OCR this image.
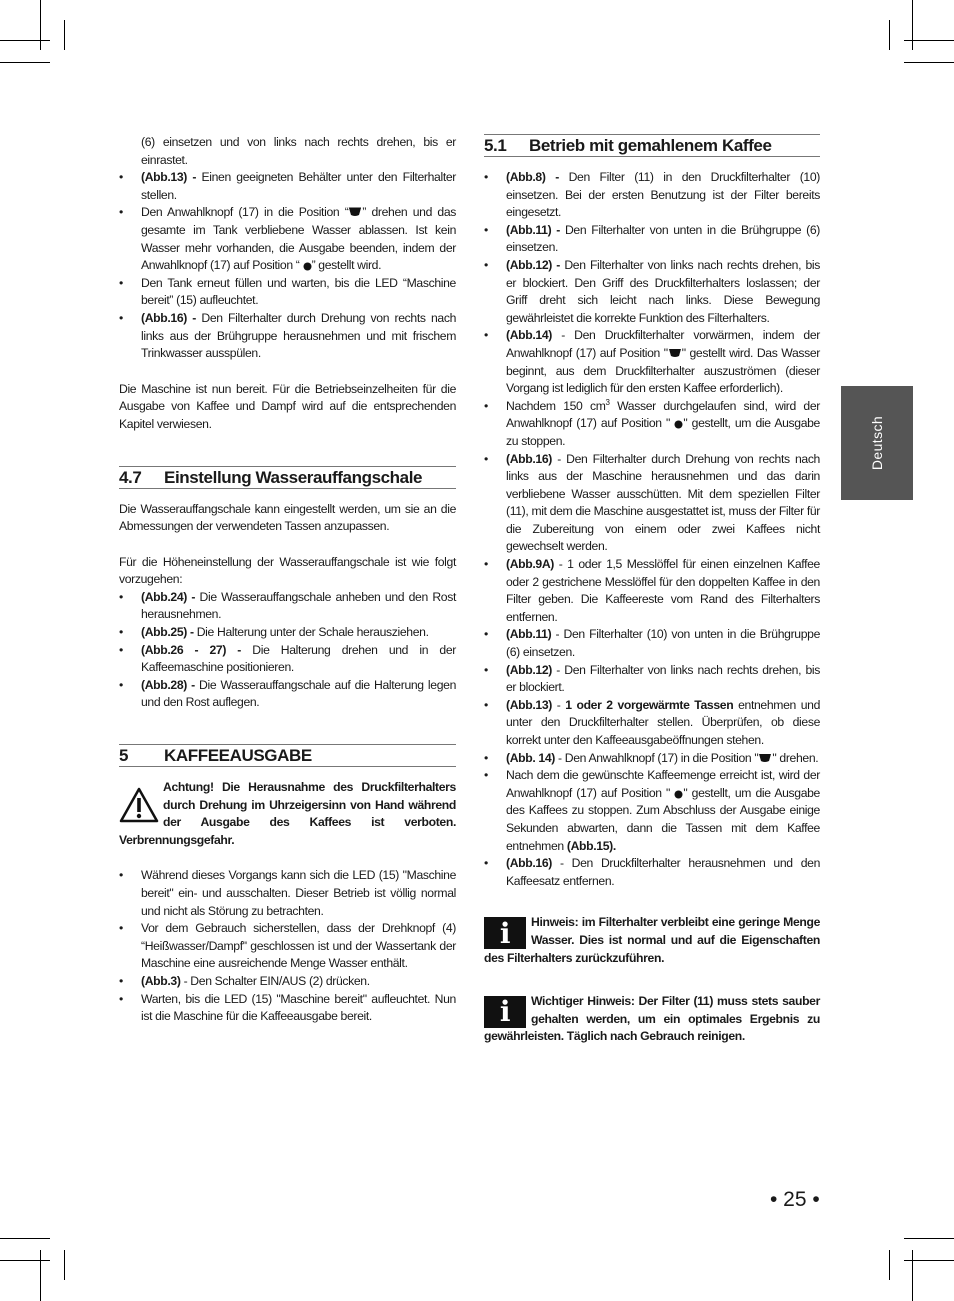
(6) einsetzen und von links nach rechts drehen, bis er einrastet.

• (Abb.13) - Einen geeigneten Behälter unter den Filterhalter stellen.
• Den Anwahlknopf (17) in die Position “ ” drehen und das gesamte im Tank verbliebene Wasser ablassen. Ist kein Wasser mehr vorhanden, die Ausgabe beenden, indem der Anwahlknopf (17) auf Position “ ” gestellt wird.
• Den Tank erneut füllen und warten, bis die LED “Maschine bereit” (15) aufleuchtet.
• (Abb.16) - Den Filterhalter durch Drehung von rechts nach links aus der Brühgruppe herausnehmen und mit frischem Trinkwasser ausspülen.

Die Maschine ist nun bereit. Für die Betriebseinzelheiten für die Ausgabe von Kaffee und Dampf wird auf die entsprechenden Kapitel verwiesen.

4.7	Einstellung Wasserauffangschale

Die Wasserauffangschale kann eingestellt werden, um sie an die Abmessungen der verwendeten Tassen anzupassen.

Für die Höheneinstellung der Wasserauffangschale ist wie folgt vorzugehen:

• (Abb.24) - Die Wasserauffangschale anheben und den Rost herausnehmen.
• (Abb.25) - Die Halterung unter der Schale herausziehen.
• (Abb.26 - 27) - Die Halterung drehen und in der Kaffeemaschine positionieren.
• (Abb.28) - Die Wasserauffangschale auf die Halterung legen und den Rost auflegen.
5	KAFFEEAUSGABE

Achtung! Die Herausnahme des Druckfilterhalters durch Drehung im Uhrzeigersinn von Hand während der Ausgabe des Kaffees ist verboten. Verbrennungsgefahr.

• Während dieses Vorgangs kann sich die LED (15) "Maschine bereit" ein- und ausschalten. Dieser Betrieb ist völlig normal und nicht als Störung zu betrachten.
• Vor dem Gebrauch sicherstellen, dass der Drehknopf (4) “Heißwasser/Dampf" geschlossen ist und der Wassertank der Maschine eine ausreichende Menge Wasser enthält.
• (Abb.3) - Den Schalter EIN/AUS (2) drücken.
• Warten, bis die LED (15) "Maschine bereit" aufleuchtet. Nun ist die Maschine für die Kaffeeausgabe bereit.
5.1	Betrieb mit gemahlenem Kaffee
• (Abb.8) - Den Filter (11) in den Druckfilterhalter (10) einsetzen. Bei der ersten Benutzung ist der Filter bereits eingesetzt.
• (Abb.11) - Den Filterhalter von unten in die Brühgruppe (6) einsetzen.
• (Abb.12) - Den Filterhalter von links nach rechts drehen, bis er blockiert. Den Griff des Druckfilterhalters loslassen; der Griff dreht sich leicht nach links. Diese Bewegung gewährleistet die korrekte Funktion des Filterhalters.
• (Abb.14) - Den Druckfilterhalter vorwärmen, indem der Anwahlknopf (17) auf Position " " gestellt wird. Das Wasser beginnt, aus dem Druckfilterhalter auszuströmen (dieser Vorgang ist lediglich für den ersten Kaffee erforderlich).
• Nachdem 150 $cm^3$ Wasser durchgelaufen sind, wird der Anwahlknopf (17) auf Position " " gestellt, um die Ausgabe zu stoppen.
• (Abb.16) - Den Filterhalter durch Drehung von rechts nach links aus der Maschine herausnehmen und das darin verbliebene Wasser ausschütten. Mit dem speziellen Filter (11), mit dem die Maschine ausgestattet ist, muss der Filter für die Zubereitung von einem oder zwei Kaffees nicht gewechselt werden.
• (Abb.9A) - 1 oder 1,5 Messlöffel für einen einzelnen Kaffee oder 2 gestrichene Messlöffel für den doppelten Kaffee in den Filter geben. Die Kaffeereste vom Rand des Filterhalters entfernen.
• (Abb.11) - Den Filterhalter (10) von unten in die Brühgruppe (6) einsetzen.
• (Abb.12) - Den Filterhalter von links nach rechts drehen, bis er blockiert.
• (Abb.13) - 1 oder 2 vorgewärmte Tassen entnehmen und unter den Druckfilterhalter stellen. Überprüfen, ob diese korrekt unter den Kaffeeausgabeöffnungen stehen.
• (Abb. 14) - Den Anwahlknopf (17) in die Position " " drehen.
• Nach dem die gewünschte Kaffeemenge erreicht ist, wird der Anwahlknopf (17) auf Position " " gestellt, um die Ausgabe des Kaffees zu stoppen. Zum Abschluss der Ausgabe einige Sekunden abwarten, dann die Tassen mit dem Kaffee entnehmen (Abb.15).
• (Abb.16) - Den Druckfilterhalter herausnehmen und den Kaffeesatz entfernen.

i	Hinweis: im Filterhalter verbleibt eine geringe Menge Wasser. Dies ist normal und auf die Eigenschaften des Filterhalters zurückzuführen.

i	Wichtiger Hinweis: Der Filter (11) muss stets sauber gehalten werden, um ein optimales Ergebnis zu gewährleisten. Täglich nach Gebrauch reinigen.

Deutsch
• 25 •
